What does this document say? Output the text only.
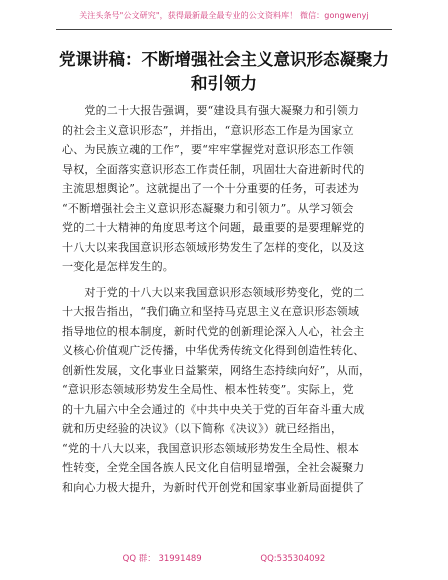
关注头条号"公文研究"，获得最新最全最专业的公文资料库！ 微信：gongwenyj
党课讲稿：不断增强社会主义意识形态凝聚力
和引领力
　　党的二十大报告强调，要“建设具有强大凝聚力和引领力
的社会主义意识形态”，并指出，“意识形态工作是为国家立
心、为民族立魂的工作”，要“牢牢掌握党对意识形态工作领
导权，全面落实意识形态工作责任制，巩固壮大奋进新时代的
主流思想舆论”。这就提出了一个十分重要的任务，可表述为
“不断增强社会主义意识形态凝聚力和引领力”。从学习领会
党的二十大精神的角度思考这个问题，最重要的是要理解党的
十八大以来我国意识形态领域形势发生了怎样的变化，以及这
一变化是怎样发生的。
　　对于党的十八大以来我国意识形态领域形势变化，党的二
十大报告指出，“我们确立和坚持马克思主义在意识形态领域
指导地位的根本制度，新时代党的创新理论深入人心，社会主
义核心价值观广泛传播，中华优秀传统文化得到创造性转化、
创新性发展，文化事业日益繁荣，网络生态持续向好”，从而，
“意识形态领域形势发生全局性、根本性转变”。实际上，党
的十九届六中全会通过的《中共中央关于党的百年奋斗重大成
就和历史经验的决议》（以下简称《决议》）就已经指出，
“党的十八大以来，我国意识形态领域形势发生全局性、根本
性转变，全党全国各族人民文化自信明显增强，全社会凝聚力
和向心力极大提升，为新时代开创党和国家事业新局面提供了
QQ 群： 31991489	QQ:535304092
